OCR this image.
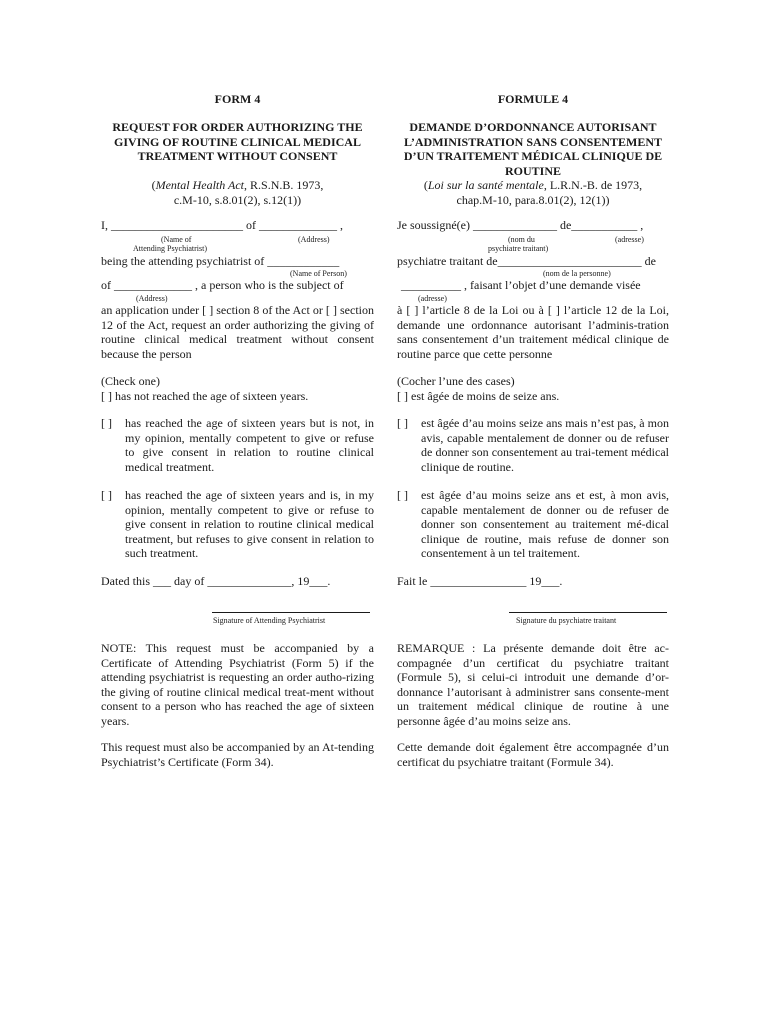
FORM 4
REQUEST FOR ORDER AUTHORIZING THE GIVING OF ROUTINE CLINICAL MEDICAL TREATMENT WITHOUT CONSENT
(Mental Health Act, R.S.N.B. 1973,
c.M-10, s.8.01(2), s.12(1))
I, ______________________ of _____________ ,
(Name of
Attending Psychiatrist)
(Address)
being the attending psychiatrist of ____________
(Name of Person)
of _____________ , a person who is the subject of
(Address)
an application under [ ] section 8 of the Act or [ ] section 12 of the Act, request an order authorizing the giving of routine clinical medical treatment without consent because the person
(Check one)
[ ] has not reached the age of sixteen years.
[ ] has reached the age of sixteen years but is not, in my opinion, mentally competent to give or refuse to give consent in relation to routine clinical medical treatment.
[ ] has reached the age of sixteen years and is, in my opinion, mentally competent to give or refuse to give consent in relation to routine clinical medical treatment, but refuses to give consent in relation to such treatment.
Dated this ___ day of ______________, 19___.
Signature of Attending Psychiatrist
NOTE: This request must be accompanied by a Certificate of Attending Psychiatrist (Form 5) if the attending psychiatrist is requesting an order autho-rizing the giving of routine clinical medical treat-ment without consent to a person who has reached the age of sixteen years.
This request must also be accompanied by an At-tending Psychiatrist’s Certificate (Form 34).
FORMULE 4
DEMANDE D’ORDONNANCE AUTORISANT L’ADMINISTRATION SANS CONSENTEMENT D’UN TRAITEMENT MÉDICAL CLINIQUE DE ROUTINE
(Loi sur la santé mentale, L.R.N.-B. de 1973,
chap.M-10, para.8.01(2), 12(1))
Je soussigné(e) ______________ de___________ ,
(nom du
psychiatre traitant)
(adresse)
psychiatre traitant de________________________ de
(nom de la personne)
__________ , faisant l’objet d’une demande visée
(adresse)
à [ ] l’article 8 de la Loi ou à [ ] l’article 12 de la Loi, demande une ordonnance autorisant l’adminis-tration sans consentement d’un traitement médical clinique de routine parce que cette personne
(Cocher l’une des cases)
[ ] est âgée de moins de seize ans.
[ ] est âgée d’au moins seize ans mais n’est pas, à mon avis, capable mentalement de donner ou de refuser de donner son consentement au trai-tement médical clinique de routine.
[ ] est âgée d’au moins seize ans et est, à mon avis, capable mentalement de donner ou de refuser de donner son consentement au traitement mé-dical clinique de routine, mais refuse de donner son consentement à un tel traitement.
Fait le ________________ 19___.
Signature du psychiatre traitant
REMARQUE : La présente demande doit être ac-compagnée d’un certificat du psychiatre traitant (Formule 5), si celui-ci introduit une demande d’or-donnance l’autorisant à administrer sans consente-ment un traitement médical clinique de routine à une personne âgée d’au moins seize ans.
Cette demande doit également être accompagnée d’un certificat du psychiatre traitant (Formule 34).
